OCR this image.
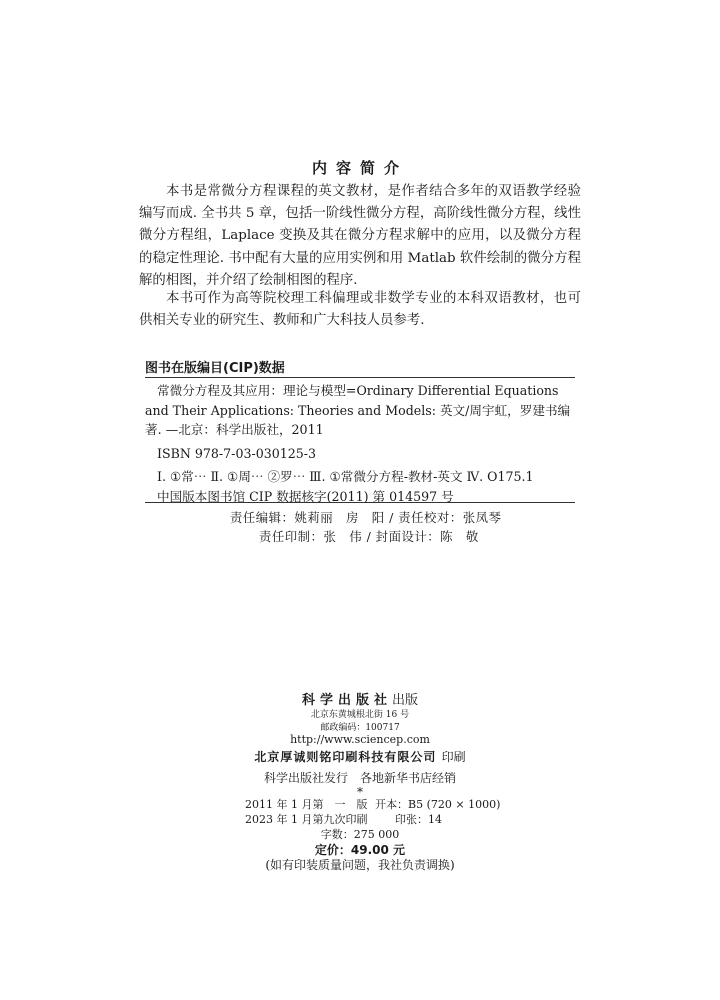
内容简介
本书是常微分方程课程的英文教材，是作者结合多年的双语教学经验编写而成. 全书共 5 章，包括一阶线性微分方程，高阶线性微分方程，线性微分方程组，Laplace 变换及其在微分方程求解中的应用，以及微分方程的稳定性理论. 书中配有大量的应用实例和用 Matlab 软件绘制的微分方程解的相图，并介绍了绘制相图的程序.
本书可作为高等院校理工科偏理或非数学专业的本科双语教材，也可供相关专业的研究生、教师和广大科技人员参考.
图书在版编目(CIP)数据
常微分方程及其应用：理论与模型=Ordinary Differential Equations and Their Applications: Theories and Models: 英文/周宇虹，罗建书编著. —北京：科学出版社，2011
ISBN 978-7-03-030125-3
Ⅰ. ①常⋯ Ⅱ. ①周⋯ ②罗⋯ Ⅲ. ①常微分方程-教材-英文 Ⅳ. O175.1
中国版本图书馆 CIP 数据核字(2011) 第 014597 号
责任编辑：姚莉丽　房　阳 / 责任校对：张凤琴
责任印制：张　伟 / 封面设计：陈　敬
科学出版社出版
北京东黄城根北街 16 号
邮政编码：100717
http://www.sciencep.com
北京厚诚则铭印刷科技有限公司 印刷
科学出版社发行　各地新华书店经销
*
2011 年 1 月第　一　版 开本：B5 (720 × 1000)
2023 年 1 月第九次印刷	印张：14
字数：275 000
定价：49.00 元
(如有印装质量问题，我社负责调换)
